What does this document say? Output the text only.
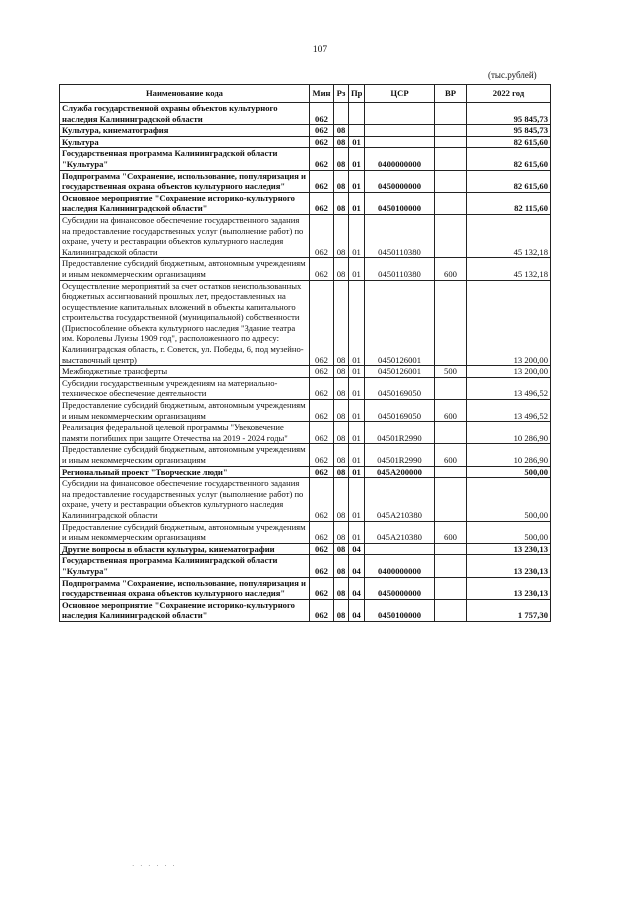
107
(тыс.рублей)
Наименование кода	Мин	Рз	Пр	ЦСР	ВР	2022 год
Служба государственной охраны объектов культурного наследия Калининградской области	062					95 845,73
Культура, кинематография	062	08				95 845,73
Культура	062	08	01			82 615,60
Государственная программа Калининградской области "Культура"	062	08	01	0400000000		82 615,60
Подпрограмма "Сохранение, использование, популяризация и государственная охрана объектов культурного наследия"	062	08	01	0450000000		82 615,60
Основное мероприятие "Сохранение историко-культурного наследия Калининградской области"	062	08	01	0450100000		82 115,60
Субсидии на финансовое обеспечение государственного задания на предоставление государственных услуг (выполнение работ) по охране, учету и реставрации объектов культурного наследия Калининградской области	062	08	01	0450110380		45 132,18
Предоставление субсидий бюджетным, автономным учреждениям и иным некоммерческим организациям	062	08	01	0450110380	600	45 132,18
Осуществление мероприятий за счет остатков неиспользованных бюджетных ассигнований прошлых лет, предоставленных на осуществление капитальных вложений в объекты капитального строительства государственной (муниципальной) собственности (Приспособление объекта культурного наследия "Здание театра им. Королевы Луизы 1909 год", расположенного по адресу: Калининградская область, г. Советск, ул. Победы, 6, под музейно-выставочный центр)	062	08	01	0450126001		13 200,00
Межбюджетные трансферты	062	08	01	0450126001	500	13 200,00
Субсидии государственным учреждениям на материально-техническое обеспечение деятельности	062	08	01	0450169050		13 496,52
Предоставление субсидий бюджетным, автономным учреждениям и иным некоммерческим организациям	062	08	01	0450169050	600	13 496,52
Реализация федеральной целевой программы "Увековечение памяти погибших при защите Отечества на 2019 - 2024 годы"	062	08	01	04501R2990		10 286,90
Предоставление субсидий бюджетным, автономным учреждениям и иным некоммерческим организациям	062	08	01	04501R2990	600	10 286,90
Региональный проект "Творческие люди"	062	08	01	045A200000		500,00
Субсидии на финансовое обеспечение государственного задания на предоставление государственных услуг (выполнение работ) по охране, учету и реставрации объектов культурного наследия Калининградской области	062	08	01	045A210380		500,00
Предоставление субсидий бюджетным, автономным учреждениям и иным некоммерческим организациям	062	08	01	045A210380	600	500,00
Другие вопросы в области культуры, кинематографии	062	08	04			13 230,13
Государственная программа Калининградской области "Культура"	062	08	04	0400000000		13 230,13
Подпрограмма "Сохранение, использование, популяризация и государственная охрана объектов культурного наследия"	062	08	04	0450000000		13 230,13
Основное мероприятие "Сохранение историко-культурного наследия Калининградской области"	062	08	04	0450100000		1 757,30
· · · · · ·
